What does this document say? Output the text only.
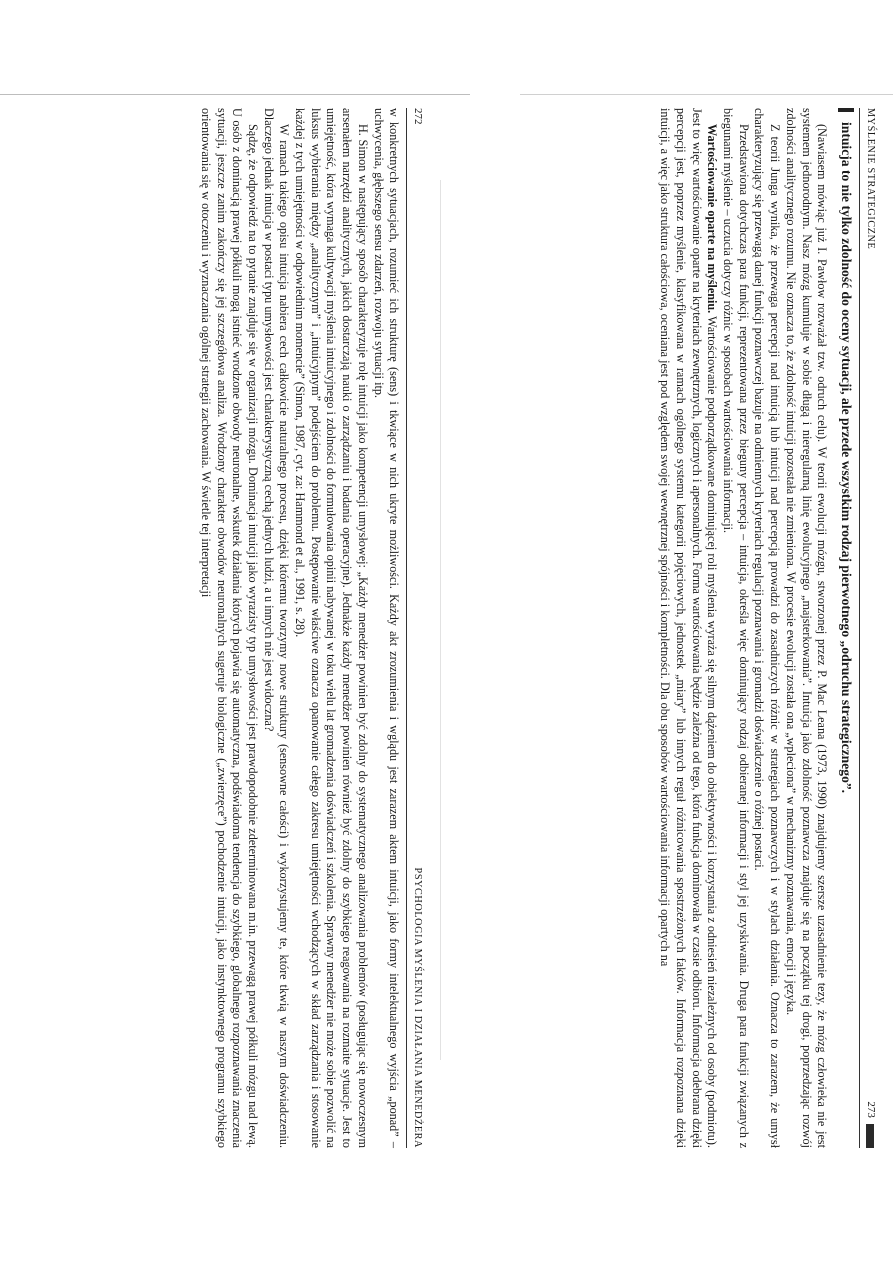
272
PSYCHOLOGIA MYŚLENIA I DZIAŁANIA MENEDŻERA

w konkretnych sytuacjach, rozumieć ich strukturę (sens) i tkwiące w nich ukryte możliwości. Każdy akt zrozumienia i wglądu jest zarazem aktem intuicji, jako formy intelektualnego wyjścia „ponad” – uchwycenia, głębszego sensu zdarzeń, rozwoju sytuacji itp.

H. Simon w następujący sposób charakteryzuje rolę intuicji jako kompetencji umysłowej: „Każdy menedżer powinien być zdolny do systematycznego analizowania problemów (posługując się nowoczesnym arsenałem narzędzi analitycznych, jakich dostarczają nauki o zarządzaniu i badania operacyjne). Jednakże każdy menedżer powinien również być zdolny do szybkiego reagowania na rozmaite sytuacje. Jest to umiejętność, która wymaga kultywacji myślenia intuicyjnego i zdolności do formułowania opinii nabywanej w toku wielu lat gromadzenia doświadczeń i szkolenia. Sprawny menedżer nie może sobie pozwolić na luksus wybierania między „analitycznym” i „intuicyjnym” podejściem do problemu. Postępowanie właściwe oznacza opanowanie całego zakresu umiejętności wchodzących w skład zarządzania i stosowanie każdej z tych umiejętności w odpowiednim momencie” (Simon, 1987, cyt. za: Hammond et al., 1991, s. 28).

W ramach takiego opisu intuicja nabiera cech całkowicie naturalnego procesu, dzięki któremu tworzymy nowe struktury (sensowne całości) i wykorzystujemy te, które tkwią w naszym doświadczeniu. Dlaczego jednak intuicja w postaci typu umysłowości jest charakterystyczną cechą jednych ludzi, a u innych nie jest widoczna?

Sądzę, że odpowiedź na to pytanie znajduje się w organizacji mózgu. Dominacja intuicji jako wyrazisty typ umysłowości jest prawdopodobnie zdeterminowana m.in. przewagą prawej półkuli mózgu nad lewą. U osób z dominacją prawej półkuli mogą istnieć wrodzone obwody neuronalne, wskutek działania których pojawia się automatyczna, podświadoma tendencja do szybkiego, globalnego rozpoznawania znaczenia sytuacji, jeszcze zanim zakończy się jej szczegółowa analiza. Wrodzony charakter obwodów neuronalnych sugeruje biologiczne („zwierzęce”) pochodzenie intuicji, jako instynktownego programu szybkiego orientowania się w otoczeniu i wyznaczania ogólnej strategii zachowania. W świetle tej interpretacji	MYŚLENIE STRATEGICZNE
273
intuicja to nie tylko zdolność do oceny sytuacji, ale przede wszystkim rodzaj pierwotnego „odruchu strategicznego”.

(Nawiasem mówiąc już I. Pawłow rozważał tzw. odruch celu). W teorii ewolucji mózgu, stworzonej przez P. Mac Leana (1973, 1990) znajdujemy szersze uzasadnienie tezy, że mózg człowieka nie jest systemem jednorodnym. Nasz mózg kumuluje w sobie długą i nieregularną linię ewolucyjnego „majsterkowania”. Intuicja jako zdolność poznawcza znajduje się na początku tej drogi, poprzedzając rozwój zdolności analitycznego rozumu. Nie oznacza to, że zdolność intuicji pozostała nie zmieniona. W procesie ewolucji została ona „wpleciona” w mechanizmy poznawania, emocji i języka.

Z teorii Junga wynika, że przewaga percepcji nad intuicją lub intuicji nad percepcją prowadzi do zasadniczych różnic w strategiach poznawczych i w stylach działania. Oznacza to zarazem, że umysł charakteryzujący się przewagą danej funkcji poznawczej bazuje na odmiennych kryteriach regulacji poznawania i gromadzi doświadczenie o różnej postaci.

Przedstawiona dotychczas para funkcji, reprezentowana przez bieguny percepcja – intuicja, określa więc dominujący rodzaj odbieranej informacji i styl jej uzyskiwania. Druga para funkcji związanych z biegunami myślenie – uczucia dotyczy różnic w sposobach wartościowania informacji.

Wartościowanie oparte na myśleniu. Wartościowanie podporządkowane dominującej roli myślenia wyraża się silnym dążeniem do obiektywności i korzystania z odniesień niezależnych od osoby (podmiotu). Jest to więc wartościowanie oparte na kryteriach zewnętrznych, logicznych i apersonalnych. Forma wartościowania będzie zależna od tego, która funkcja dominowała w czasie odbioru. Informacja odebrana dzięki percepcji jest, poprzez myślenie, klasyfikowana w ramach ogólnego systemu kategorii pojęciowych, jednostek „miary” lub innych reguł różnicowania spostrzeżonych faktów. Informacja rozpoznana dzięki intuicji, a więc jako struktura całościowa, oceniana jest pod względem swojej wewnętrznej spójności i kompletności. Dla obu sposobów wartościowania informacji opartych na
